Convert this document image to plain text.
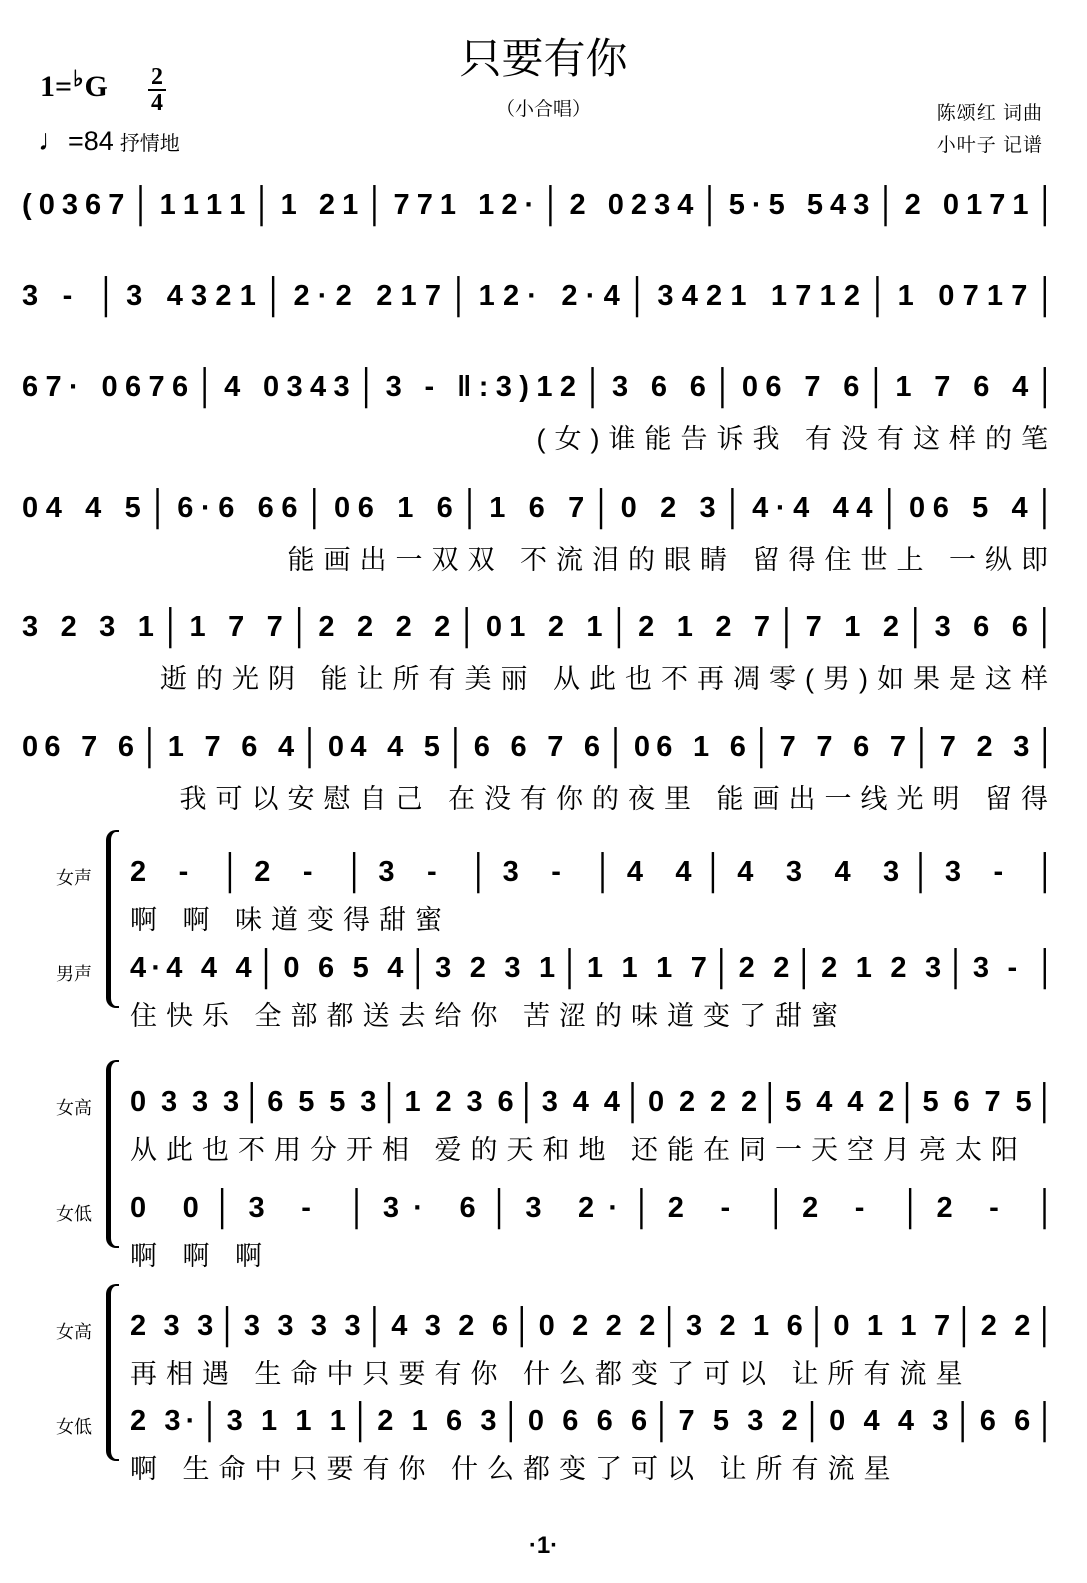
只要有你
（小合唱）
1=♭G 2
4
♩=84 抒情地
陈颂红 词曲
小叶子 记谱
( 0 3 6 7 │ 1 1 1 1 │ 1
2 1 │ 7 7 1
1 2 · │ 2
0 2 3 4 │ 5 · 5
5 4 3 │ 2
0 1 7 1 │
3
-
│ 3
4 3 2 1 │ 2 · 2
2 1 7 │ 1 2 ·
2 · 4 │ 3 4 2 1
1 7 1 2 │ 1
0 7 1 7 │
6 7 ·
0 6 7 6 │ 4
0 3 4 3 │ 3
-
‖ : 3 ) 1 2 │ 3
6
6 │ 0 6
7
6 │ 1
7
6
4 │
(女)谁能告诉我 有没有这样的笔
0 4
4
5 │ 6 · 6
6 6 │ 0 6
1
6 │ 1
6
7 │ 0
2
3 │ 4 · 4
4 4 │ 0 6
5
4 │
能画出一双双 不流泪的眼睛 留得住世上 一纵即
3
2
3
1 │ 1
7
7 │ 2
2
2
2 │ 0 1
2
1 │ 2
1
2
7 │ 7
1
2 │ 3
6
6 │
逝的光阴 能让所有美丽 从此也不再凋零(男)如果是这样
0 6
7
6 │ 1
7
6
4 │ 0 4
4
5 │ 6
6
7
6 │ 0 6
1
6 │ 7
7
6
7 │ 7
2
3 │
我可以安慰自己 在没有你的夜里 能画出一线光明 留得
女声 2
-
│ 2
-
│ 3
-
│ 3
-
│ 4
4 │ 4
3
4
3 │ 3
-
│
啊 啊 味道变得甜蜜
男声 4 · 4
4
4 │ 0
6
5
4 │ 3
2
3
1 │ 1
1
1
7 │ 2
2 │ 2
1
2
3 │ 3
-
│
住快乐 全部都送去给你 苦涩的味道变了甜蜜
女高 0
3
3
3 │ 6
5
5
3 │ 1
2
3
6 │ 3
4
4 │ 0
2
2
2 │ 5
4
4
2 │ 5
6
7
5 │
从此也不用分开相 爱的天和地 还能在同一天空月亮太阳
女低 0
0 │ 3
-
│ 3 ·
6 │ 3
2 · │ 2
-
│ 2
-
│ 2
-
│
啊 啊 啊
女高 2
3
3 │ 3
3
3
3 │ 4
3
2
6 │ 0
2
2
2 │ 3
2
1
6 │ 0
1
1
7 │ 2
2 │
再相遇 生命中只要有你 什么都变了可以 让所有流星
女低 2
3 · │ 3
1
1
1 │ 2
1
6
3 │ 0
6
6
6 │ 7
5
3
2 │ 0
4
4
3 │ 6
6 │
啊 生命中只要有你 什么都变了可以 让所有流星
·1·
